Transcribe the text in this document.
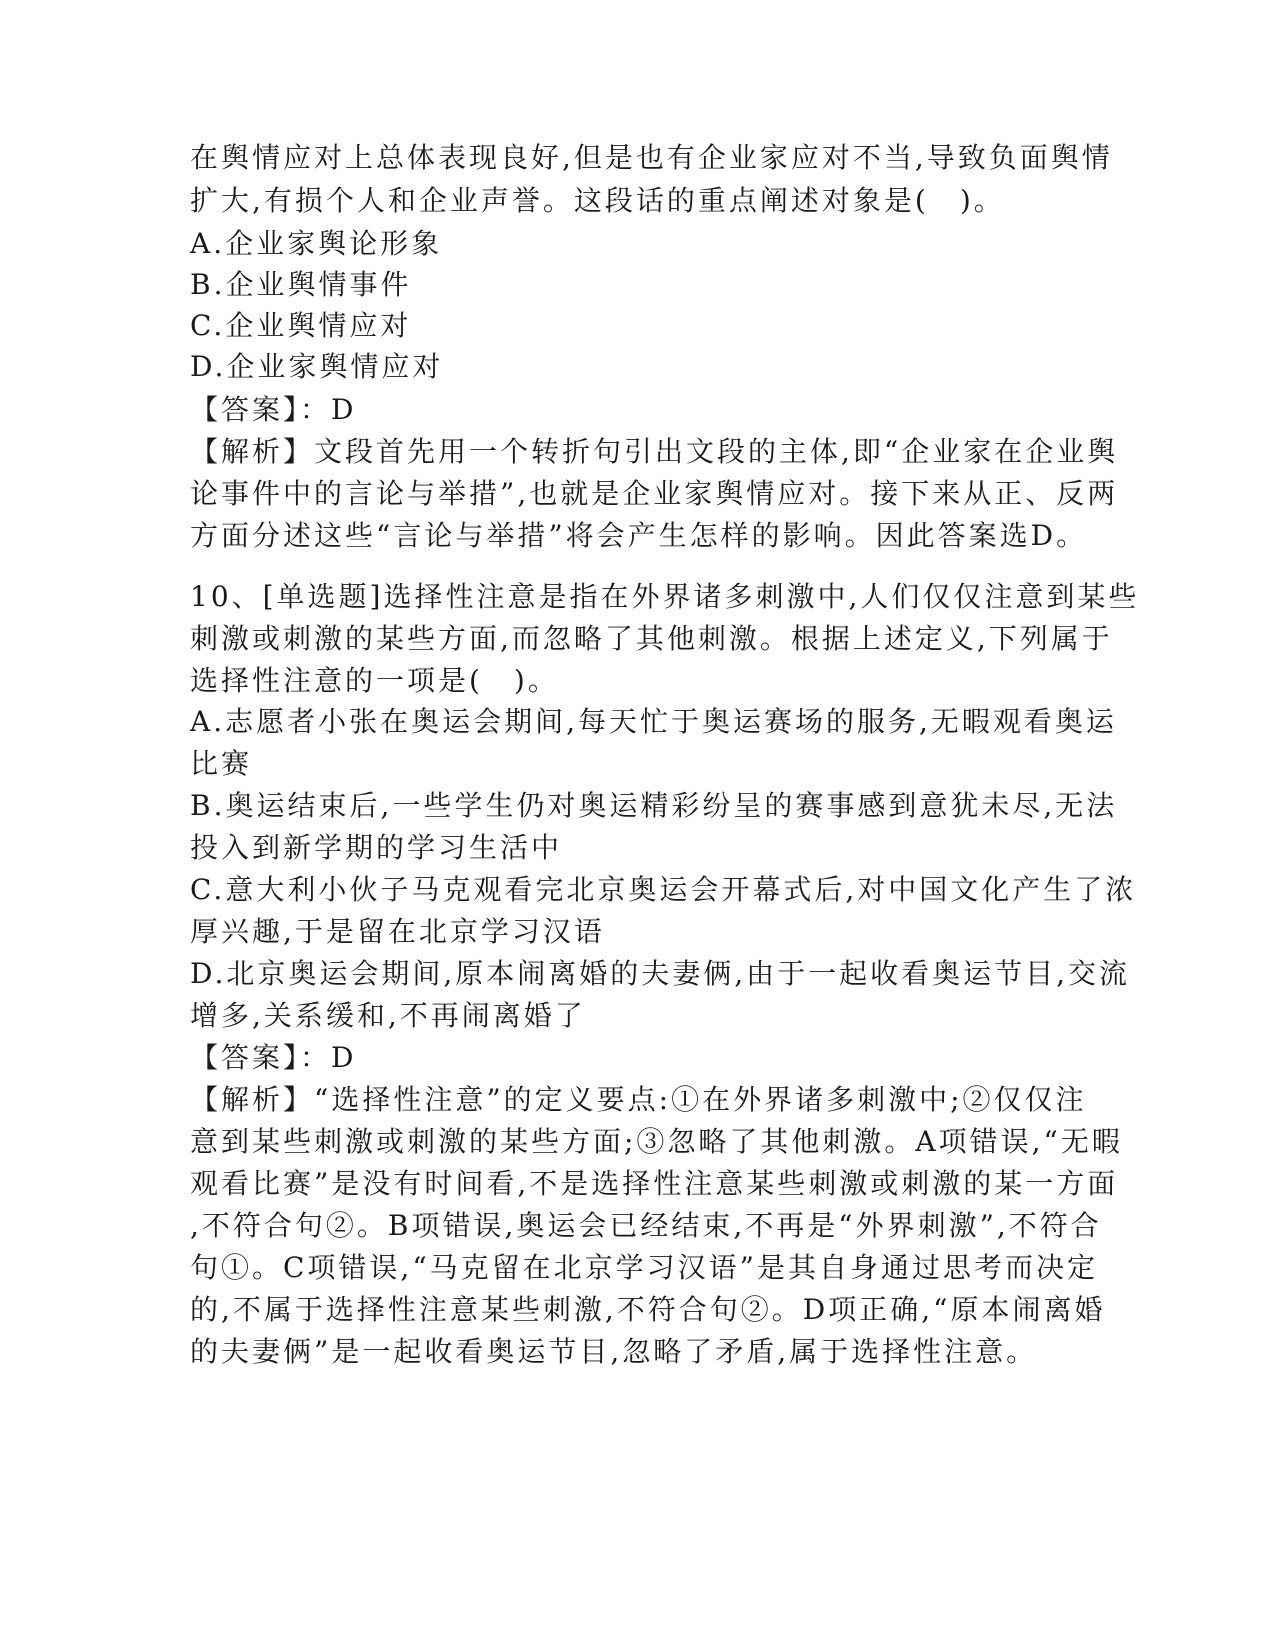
在舆情应对上总体表现良好,但是也有企业家应对不当,导致负面舆情
扩大,有损个人和企业声誉。这段话的重点阐述对象是(　)。
A.企业家舆论形象
B.企业舆情事件
C.企业舆情应对
D.企业家舆情应对
【答案】：D
【解析】文段首先用一个转折句引出文段的主体,即“企业家在企业舆
论事件中的言论与举措”,也就是企业家舆情应对。接下来从正、反两
方面分述这些“言论与举措”将会产生怎样的影响。因此答案选D。
10、[单选题]选择性注意是指在外界诸多刺激中,人们仅仅注意到某些
刺激或刺激的某些方面,而忽略了其他刺激。根据上述定义,下列属于
选择性注意的一项是(　)。
A.志愿者小张在奥运会期间,每天忙于奥运赛场的服务,无暇观看奥运
比赛
B.奥运结束后,一些学生仍对奥运精彩纷呈的赛事感到意犹未尽,无法
投入到新学期的学习生活中
C.意大利小伙子马克观看完北京奥运会开幕式后,对中国文化产生了浓
厚兴趣,于是留在北京学习汉语
D.北京奥运会期间,原本闹离婚的夫妻俩,由于一起收看奥运节目,交流
增多,关系缓和,不再闹离婚了
【答案】：D
【解析】“选择性注意”的定义要点:①在外界诸多刺激中;②仅仅注
意到某些刺激或刺激的某些方面;③忽略了其他刺激。A项错误,“无暇
观看比赛”是没有时间看,不是选择性注意某些刺激或刺激的某一方面
,不符合句②。B项错误,奥运会已经结束,不再是“外界刺激”,不符合
句①。C项错误,“马克留在北京学习汉语”是其自身通过思考而决定
的,不属于选择性注意某些刺激,不符合句②。D项正确,“原本闹离婚
的夫妻俩”是一起收看奥运节目,忽略了矛盾,属于选择性注意。
